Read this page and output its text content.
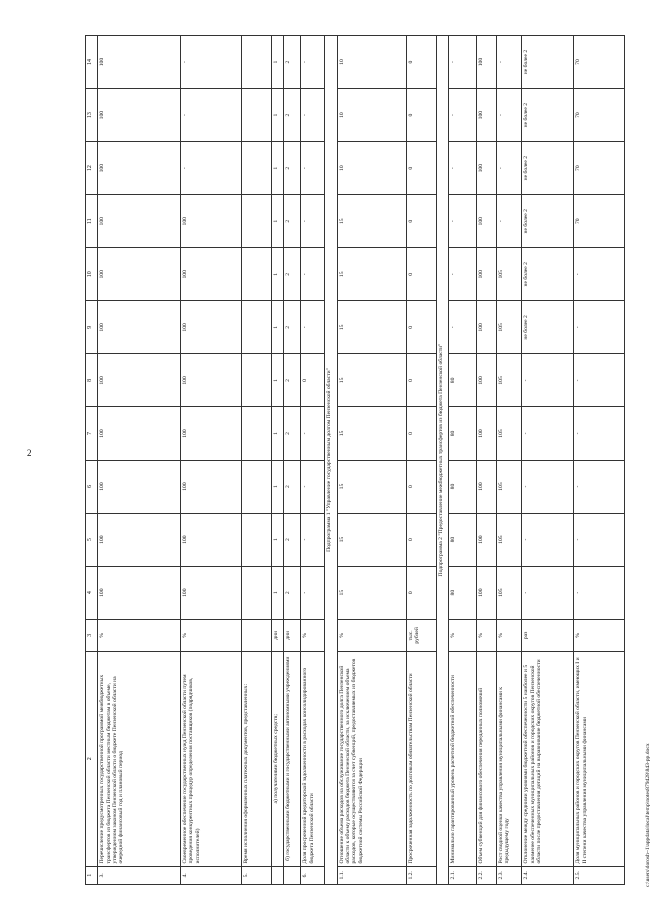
2
1	2	3	4	5	6	7	8	9	10	11	12	13	14
3.	Перечисление предусмотренных государственной программой межбюджетных трансфертов из бюджета Пензенской области местным бюджетам в объеме, утвержденном законом Пензенской области о бюджете Пензенской области на очередной финансовый год и плановый период	%	100	100	100	100	100	100	100	100	100	100	100
4.	Своевременное обеспечение государственных нужд Пензенской области путем проведения конкурентных процедур определения поставщиков (подрядчиков, исполнителей)	%	100	100	100	100	100	100	100	100	-	-	-
5.	Время исполнения оформленных платежных документов, представленных:												
	а) получателями бюджетных средств;	дни	1	1	1	1	1	1	1	1	1	1	1
	б) государственными бюджетными и государственными автономными учреждениями	дни	2	2	2	2	2	2	2	2	2	2	2
6.	Доля просроченной кредиторской задолженности в расходах консолидированного бюджета Пензенской области	%	-	-	-	-	0	-	-	-	-	-	-
Подпрограмма 1 "Управление государственным долгом Пензенской области"													
1.1.	Отношение объема расходов на обслуживание государственного долга Пензенской области к объему расходов бюджета Пензенской области, за исключением объема расходов, которые осуществляются за счет субвенций, предоставляемых из бюджетов бюджетной системы Российской Федерации	%	15	15	15	15	15	15	15	15	10	10	10
1.2.	Просроченная задолженность по долговым обязательствам Пензенской области	тыс. рублей	0	0	0	0	0	0	0	0	0	0	0
Подпрограмма 2 "Предоставление межбюджетных трансфертов из бюджета Пензенской области"													
2.1.	Минимально гарантированный уровень расчетной бюджетной обеспеченности	%	80	80	80	80	80	-	-	-	-	-	-
2.2.	Объем субвенций для финансового обеспечения переданных полномочий	%	100	100	100	100	100	100	100	100	100	100	100
2.3.	Рост сводной оценки качества управления муниципальными финансами к предыдущему году	%	105	105	105	105	105	105	105	-	-	-	-
2.4.	Отклонение между средними уровнями бюджетной обеспеченности 5 наиболее и 5 наименее обеспеченных муниципальных районов и городских округов Пензенской области после предоставления дотаций на выравнивание бюджетной обеспеченности	раз	-	-	-	-	-	не более 2	не более 2	не более 2	не более 2	не более 2	не более 2
2.5.	Доля муниципальных районов и городских округов Пензенской области, имеющих I и II степени качества управления муниципальными финансами	%	-	-	-	-	-	-	-	70	70	70	70
c:\users\dorosh~1\appdata\local\temp\notes879428\843-pp.docx
